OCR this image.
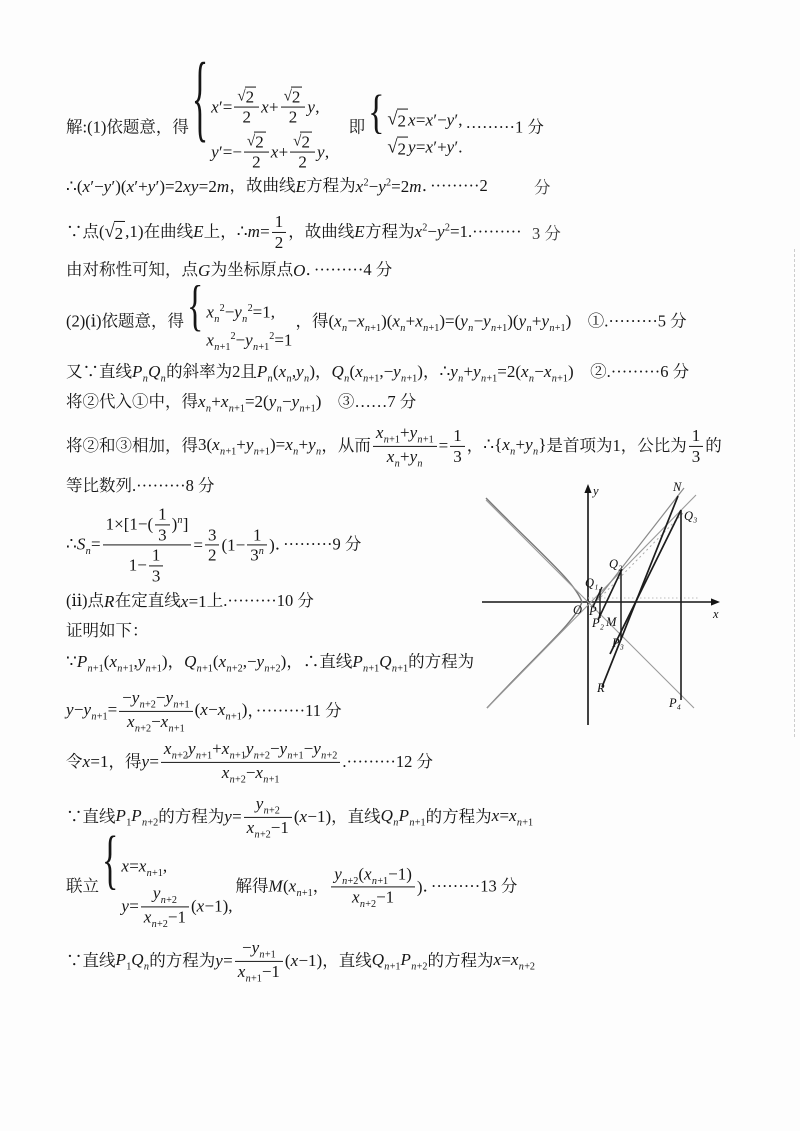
解:(1)依题意，得{ $x'= \frac{√2}{2} x+ \frac{√2}{2} y$,
$y'=- \frac{√2}{2} x+ \frac{√2}{2} y$,
　即{ √2 x=x′−y′,
√2 y=x′+y′.
·········1 分
∴(x′−y′)(x′+y′)=2xy=2m，故曲线E方程为$x^2-y^2=2m$．·········2
∵点(√2 ,1)在曲线E上，∴m= $\frac{1}{2}$ ，故曲线E方程为$x^2-y^2=1.\cdot\cdot\cdot\cdot\cdot\cdot\cdot\cdot\cdot$
由对称性可知，点G为坐标原点O．·········4 分
(2)(ⅰ)依题意，得{ $x_n^2-y_n^2=1$,
$x_{n+1}^2-y_{n+1}^2=1$
，得$(x_n-x_{n+1})(x_n+x_{n+1})=(y_n-y_{n+1})(y_n+y_{n+1})$　①.·········5 分
又∵直线$P_nQ_n$的斜率为2且$P_n(x_n,y_n)$，$Q_n(x_{n+1},-y_{n+1})$，$\therefore y_n+y_{n+1}=2(x_n-x_{n+1})$　②.·········6 分
将②代入①中，得$x_n+x_{n+1}=2(y_n-y_{n+1})$　③……7 分
将②和③相加，得$3(x_{n+1}+y_{n+1})=x_n+y_n$，从而 $\frac{x_{n+1}+y_{n+1}}{x_n+y_n} = \frac{1}{3}$ ，$\therefore\{x_n+y_n\}$是首项为1，公比为 $\frac{1}{3}$ 的
等比数列.·········8 分
$\therefore S_n= \frac{1\times[1-( \frac{1}{3} )^n]}{1- \frac{1}{3}} = \frac{3}{2} (1- \frac{1}{3^n}$ )．·········9 分
(ⅱ)点R在定直线x=1上.·········10 分
证明如下：
$\because P_{n+1}(x_{n+1},y_{n+1})$，$Q_{n+1}(x_{n+2},-y_{n+2})$，∴直线$P_{n+1}Q_{n+1}$的方程为
$y-y_{n+1}= \frac{-y_{n+2}-y_{n+1}}{x_{n+2}-x_{n+1}} (x-x_{n+1})$，·········11 分
令x=1，得$y= \frac{x_{n+2}y_{n+1}+x_{n+1}y_{n+2}-y_{n+1}-y_{n+2}}{x_{n+2}-x_{n+1}} .\cdot\cdot\cdot\cdot\cdot\cdot\cdot\cdot\cdot 12$ 分
∵直线$P_1P_{n+2}$的方程为$y= \frac{y_{n+2}}{x_{n+2}-1} (x-1)$，直线$Q_nP_{n+1}$的方程为$x=x_{n+1}$
联立{ $x=x_{n+1}$,
$y= \frac{y_{n+2}}{x_{n+2}-1} (x-1)$,
解得$M(x_{n+1}$， $\frac{y_{n+2}(x_{n+1}-1)}{x_{n+2}-1}$ )．·········13 分
∵直线$P_1Q_n$的方程为$y= \frac{-y_{n+1}}{x_{n+1}-1} (x-1)$，直线$Q_{n+1}P_{n+2}$的方程为$x=x_{n+2}$
y
x
N
Q₃
Q₂
Q₁
O P₁
P₂ M
P₃
R
P₄
分
3 分
